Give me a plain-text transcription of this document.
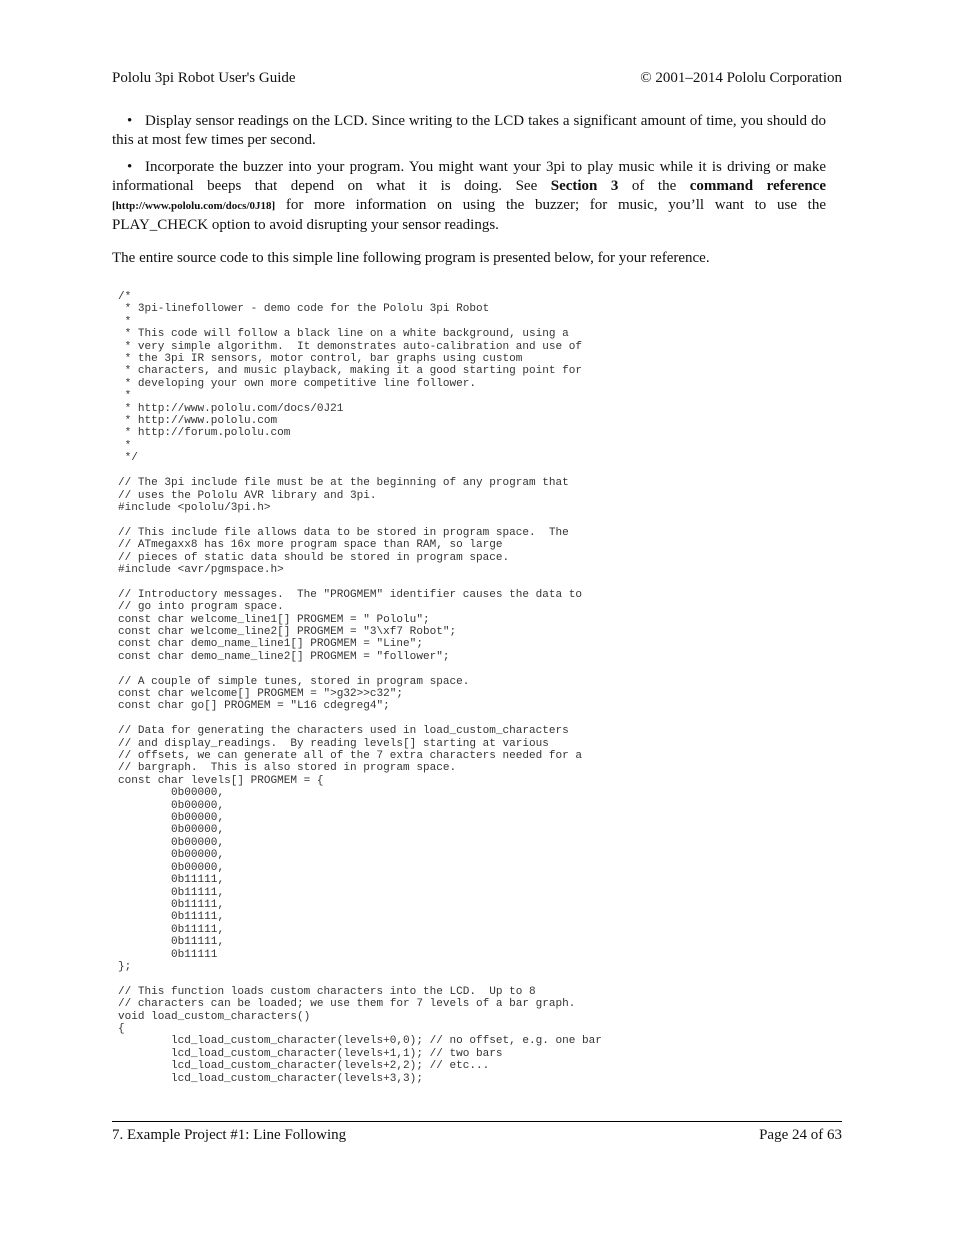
Pololu 3pi Robot User's Guide	© 2001–2014 Pololu Corporation

• Display sensor readings on the LCD. Since writing to the LCD takes a significant amount of time, you should do this at most few times per second.

• Incorporate the buzzer into your program. You might want your 3pi to play music while it is driving or make informational beeps that depend on what it is doing. See Section 3 of the command reference [http://www.pololu.com/docs/0J18] for more information on using the buzzer; for music, you’ll want to use the PLAY_CHECK option to avoid disrupting your sensor readings.

The entire source code to this simple line following program is presented below, for your reference.
/*
* 3pi-linefollower - demo code for the Pololu 3pi Robot
*
* This code will follow a black line on a white background, using a
* very simple algorithm.  It demonstrates auto-calibration and use of
* the 3pi IR sensors, motor control, bar graphs using custom
* characters, and music playback, making it a good starting point for
* developing your own more competitive line follower.
*
* http://www.pololu.com/docs/0J21
* http://www.pololu.com
* http://forum.pololu.com
*
*/

// The 3pi include file must be at the beginning of any program that
// uses the Pololu AVR library and 3pi.
#include <pololu/3pi.h>

// This include file allows data to be stored in program space.  The
// ATmegaxx8 has 16x more program space than RAM, so large
// pieces of static data should be stored in program space.
#include <avr/pgmspace.h>

// Introductory messages.  The "PROGMEM" identifier causes the data to
// go into program space.
const char welcome_line1[] PROGMEM = " Pololu";
const char welcome_line2[] PROGMEM = "3\xf7 Robot";
const char demo_name_line1[] PROGMEM = "Line";
const char demo_name_line2[] PROGMEM = "follower";

// A couple of simple tunes, stored in program space.
const char welcome[] PROGMEM = ">g32>>c32";
const char go[] PROGMEM = "L16 cdegreg4";

// Data for generating the characters used in load_custom_characters
// and display_readings.  By reading levels[] starting at various
// offsets, we can generate all of the 7 extra characters needed for a
// bargraph.  This is also stored in program space.
const char levels[] PROGMEM = {
0b00000,
0b00000,
0b00000,
0b00000,
0b00000,
0b00000,
0b00000,
0b11111,
0b11111,
0b11111,
0b11111,
0b11111,
0b11111,
0b11111
};

// This function loads custom characters into the LCD.  Up to 8
// characters can be loaded; we use them for 7 levels of a bar graph.
void load_custom_characters()
{
lcd_load_custom_character(levels+0,0); // no offset, e.g. one bar
lcd_load_custom_character(levels+1,1); // two bars
lcd_load_custom_character(levels+2,2); // etc...
lcd_load_custom_character(levels+3,3);
7. Example Project #1: Line Following	Page 24 of 63
